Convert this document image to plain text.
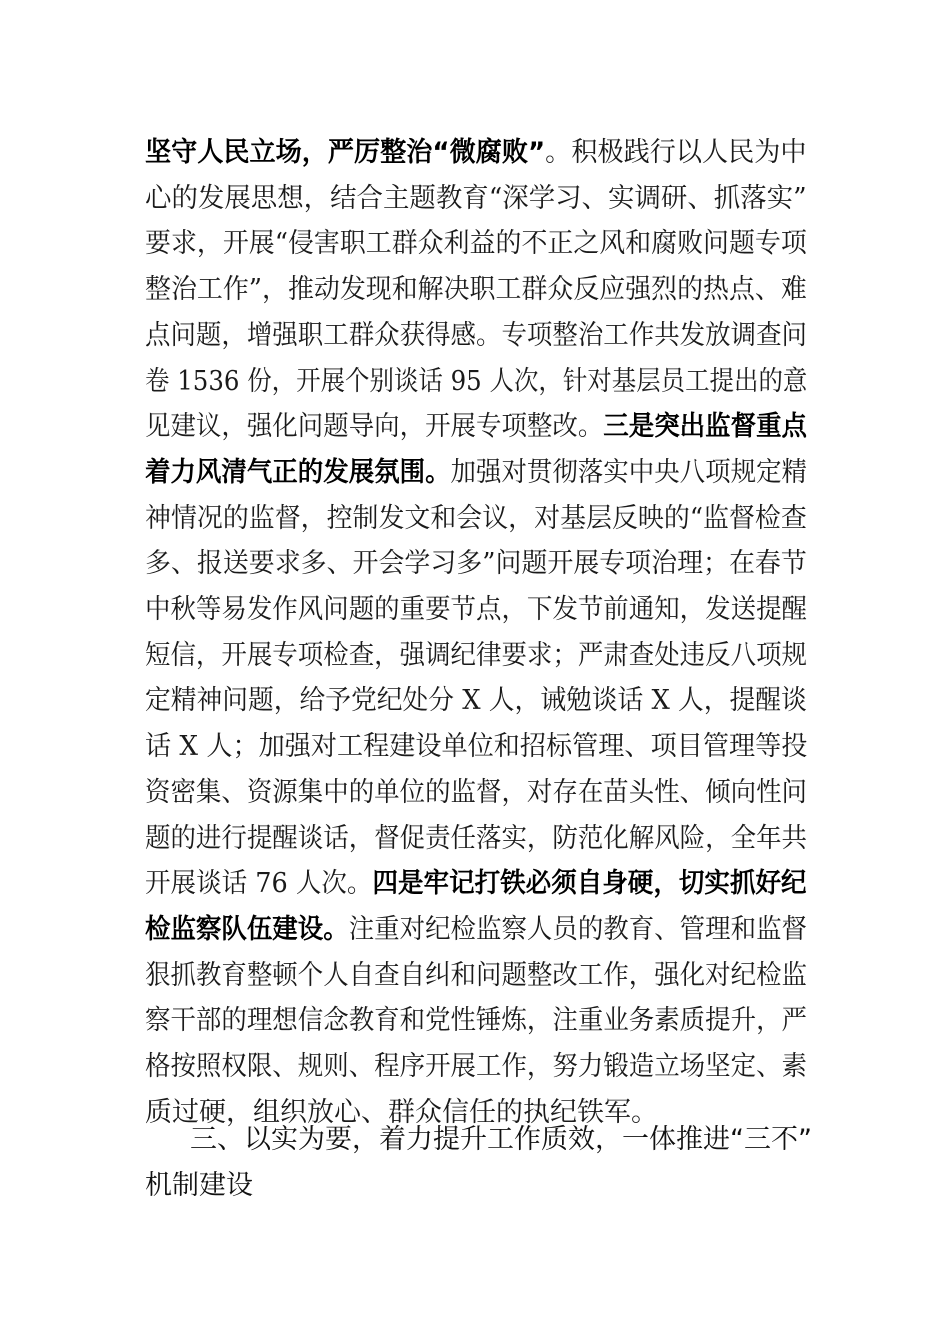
坚守人民立场，严厉整治“微腐败”。积极践行以人民为中
心的发展思想，结合主题教育“深学习、实调研、抓落实”
要求，开展“侵害职工群众利益的不正之风和腐败问题专项
整治工作”，推动发现和解决职工群众反应强烈的热点、难
点问题，增强职工群众获得感。专项整治工作共发放调查问
卷 1536 份，开展个别谈话 95 人次，针对基层员工提出的意
见建议，强化问题导向，开展专项整改。三是突出监督重点
着力风清气正的发展氛围。加强对贯彻落实中央八项规定精
神情况的监督，控制发文和会议，对基层反映的“监督检查
多、报送要求多、开会学习多”问题开展专项治理；在春节
中秋等易发作风问题的重要节点，下发节前通知，发送提醒
短信，开展专项检查，强调纪律要求；严肃查处违反八项规
定精神问题，给予党纪处分 X 人，诫勉谈话 X 人，提醒谈
话 X 人；加强对工程建设单位和招标管理、项目管理等投
资密集、资源集中的单位的监督，对存在苗头性、倾向性问
题的进行提醒谈话，督促责任落实，防范化解风险，全年共
开展谈话 76 人次。四是牢记打铁必须自身硬，切实抓好纪
检监察队伍建设。注重对纪检监察人员的教育、管理和监督
狠抓教育整顿个人自查自纠和问题整改工作，强化对纪检监
察干部的理想信念教育和党性锤炼，注重业务素质提升，严
格按照权限、规则、程序开展工作，努力锻造立场坚定、素
质过硬，组织放心、群众信任的执纪铁军。
三、以实为要，着力提升工作质效，一体推进“三不”
机制建设
